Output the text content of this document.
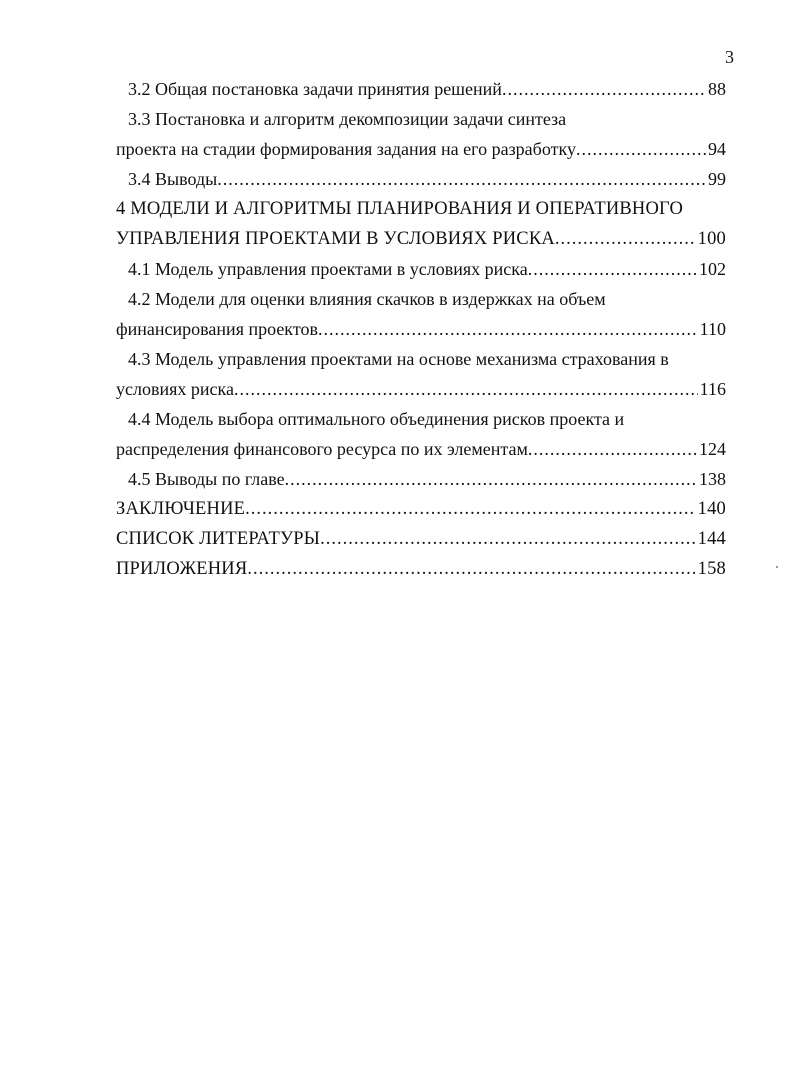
3
3.2 Общая постановка задачи принятия решений .....	88
3.3 Постановка и алгоритм декомпозиции задачи синтеза
проекта на стадии формирования задания на его разработку .....	94
3.4 Выводы .....	99
4 МОДЕЛИ И АЛГОРИТМЫ ПЛАНИРОВАНИЯ И ОПЕРАТИВНОГО
УПРАВЛЕНИЯ ПРОЕКТАМИ В УСЛОВИЯХ РИСКА .....	100
4.1 Модель управления проектами в условиях риска .....	102
4.2 Модели для оценки влияния скачков в издержках на объем
финансирования проектов .....	110
4.3 Модель управления проектами на основе механизма страхования в
условиях риска .....	116
4.4 Модель выбора оптимального объединения рисков проекта и
распределения финансового ресурса по их элементам .....	124
4.5 Выводы по главе .....	138
ЗАКЛЮЧЕНИЕ .....	140
СПИСОК ЛИТЕРАТУРЫ .....	144
ПРИЛОЖЕНИЯ .....	158
